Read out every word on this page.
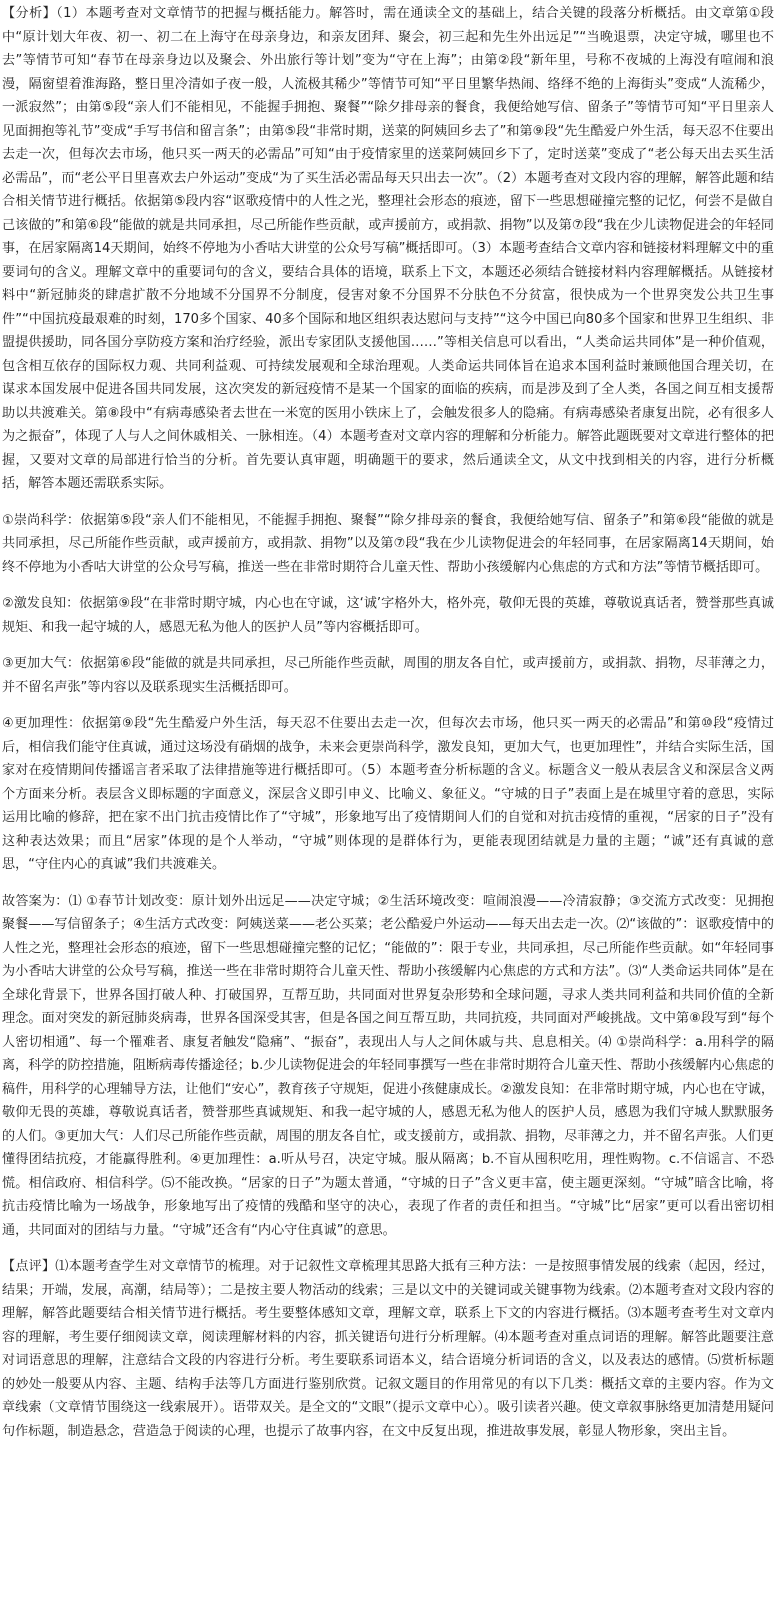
【分析】（1）本题考查对文章情节的把握与概括能力。解答时，需在通读全文的基础上，结合关键的段落分析概括。由文章第①段中“原计划大年夜、初一、初二在上海守在母亲身边，和亲友团拜、聚会，初三起和先生外出远足”“当晚退票，决定守城，哪里也不去”等情节可知“春节在母亲身边以及聚会、外出旅行等计划”变为“守在上海”；由第②段“新年里，号称不夜城的上海没有喧闹和浪漫，隔窗望着淮海路，整日里冷清如子夜一般，人流极其稀少”等情节可知“平日里繁华热闹、络绎不绝的上海街头”变成“人流稀少，一派寂然”；由第⑤段“亲人们不能相见，不能握手拥抱、聚餐”“除夕排母亲的餐食，我便给她写信、留条子”等情节可知“平日里亲人见面拥抱等礼节”变成“手写书信和留言条”；由第⑤段“非常时期，送菜的阿姨回乡去了”和第⑨段“先生酷爱户外生活，每天忍不住要出去走一次，但每次去市场，他只买一两天的必需品”可知“由于疫情家里的送菜阿姨回乡下了，定时送菜”变成了“老公每天出去买生活必需品”，而“老公平日里喜欢去户外运动”变成“为了买生活必需品每天只出去一次”。（2）本题考查对文段内容的理解，解答此题和结合相关情节进行概括。依据第⑤段内容“讴歌疫情中的人性之光，整理社会形态的痕迹，留下一些思想碰撞完整的记忆，何尝不是做自己该做的”和第⑥段“能做的就是共同承担，尽己所能作些贡献，或声援前方，或捐款、捐物”以及第⑦段“我在少儿读物促进会的年轻同事，在居家隔离14天期间，始终不停地为小香咕大讲堂的公众号写稿”概括即可。（3）本题考查结合文章内容和链接材料理解文中的重要词句的含义。理解文章中的重要词句的含义，要结合具体的语境，联系上下文，本题还必须结合链接材料内容理解概括。从链接材料中“新冠肺炎的肆虐扩散不分地域不分国界不分制度，侵害对象不分国界不分肤色不分贫富，很快成为一个世界突发公共卫生事件”“中国抗疫最艰难的时刻，170多个国家、40多个国际和地区组织表达慰问与支持”“这今中国已向80多个国家和世界卫生组织、非盟提供援助，同各国分享防疫方案和治疗经验，派出专家团队支援他国……”等相关信息可以看出，“人类命运共同体”是一种价值观，包含相互依存的国际权力观、共同利益观、可持续发展观和全球治理观。人类命运共同体旨在追求本国利益时兼顾他国合理关切，在谋求本国发展中促进各国共同发展，这次突发的新冠疫情不是某一个国家的面临的疾病，而是涉及到了全人类，各国之间互相支援帮助以共渡难关。第⑧段中“有病毒感染者去世在一米宽的医用小铁床上了，会触发很多人的隐痛。有病毒感染者康复出院，必有很多人为之振奋”，体现了人与人之间休戚相关、一脉相连。（4）本题考查对文章内容的理解和分析能力。解答此题既要对文章进行整体的把握，又要对文章的局部进行恰当的分析。首先要认真审题，明确题干的要求，然后通读全文，从文中找到相关的内容，进行分析概括，解答本题还需联系实际。

①崇尚科学：依据第⑤段“亲人们不能相见，不能握手拥抱、聚餐”“除夕排母亲的餐食，我便给她写信、留条子”和第⑥段“能做的就是共同承担，尽己所能作些贡献，或声援前方，或捐款、捐物”以及第⑦段“我在少儿读物促进会的年轻同事，在居家隔离14天期间，始终不停地为小香咕大讲堂的公众号写稿，推送一些在非常时期符合儿童天性、帮助小孩缓解内心焦虑的方式和方法”等情节概括即可。

②激发良知：依据第⑨段“在非常时期守城，内心也在守诚，这‘诚’字格外大，格外亮，敬仰无畏的英雄，尊敬说真话者，赞誉那些真诚规矩、和我一起守城的人，感恩无私为他人的医护人员”等内容概括即可。

③更加大气：依据第⑥段“能做的就是共同承担，尽己所能作些贡献，周围的朋友各自忙，或声援前方，或捐款、捐物，尽菲薄之力，并不留名声张”等内容以及联系现实生活概括即可。

④更加理性：依据第⑨段“先生酷爱户外生活，每天忍不住要出去走一次，但每次去市场，他只买一两天的必需品”和第⑩段“疫情过后，相信我们能守住真诚，通过这场没有硝烟的战争，未来会更崇尚科学，激发良知，更加大气，也更加理性”，并结合实际生活，国家对在疫情期间传播谣言者采取了法律措施等进行概括即可。（5）本题考查分析标题的含义。标题含义一般从表层含义和深层含义两个方面来分析。表层含义即标题的字面意义，深层含义即引申义、比喻义、象征义。“守城的日子”表面上是在城里守着的意思，实际运用比喻的修辞，把在家不出门抗击疫情比作了“守城”，形象地写出了疫情期间人们的自觉和对抗击疫情的重视，“居家的日子”没有这种表达效果；而且“居家”体现的是个人举动，“守城”则体现的是群体行为，更能表现团结就是力量的主题；“诚”还有真诚的意思，“守住内心的真诚”我们共渡难关。

故答案为：⑴ ①春节计划改变：原计划外出远足——决定守城；②生活环境改变：喧闹浪漫——冷清寂静；③交流方式改变：见拥抱聚餐——写信留条子；④生活方式改变：阿姨送菜——老公买菜；老公酷爱户外运动——每天出去走一次。⑵“该做的”：讴歌疫情中的人性之光，整理社会形态的痕迹，留下一些思想碰撞完整的记忆；“能做的”：限于专业，共同承担，尽己所能作些贡献。如“年轻同事为小香咕大讲堂的公众号写稿，推送一些在非常时期符合儿童天性、帮助小孩缓解内心焦虑的方式和方法”。⑶“人类命运共同体”是在全球化背景下，世界各国打破人种、打破国界，互帮互助，共同面对世界复杂形势和全球问题，寻求人类共同利益和共同价值的全新理念。面对突发的新冠肺炎病毒，世界各国深受其害，但是各国之间互帮互助，共同抗疫，共同面对严峻挑战。文中第⑧段写到“每个人密切相通”、每一个罹难者、康复者触发“隐痛”、“振奋”，表现出人与人之间休戚与共、息息相关。⑷ ①崇尚科学：a.用科学的隔离，科学的防控措施，阻断病毒传播途径；b.少儿读物促进会的年轻同事撰写一些在非常时期符合儿童天性、帮助小孩缓解内心焦虑的稿件，用科学的心理辅导方法，让他们“安心”，教育孩子守规矩，促进小孩健康成长。②激发良知：在非常时期守城，内心也在守诚，敬仰无畏的英雄，尊敬说真话者，赞誉那些真诚规矩、和我一起守城的人，感恩无私为他人的医护人员，感恩为我们守城人默默服务的人们。③更加大气：人们尽己所能作些贡献，周围的朋友各自忙，或支援前方，或捐款、捐物，尽菲薄之力，并不留名声张。人们更懂得团结抗疫，才能赢得胜利。④更加理性：a.听从号召，决定守城。服从隔离；b.不盲从囤积吃用，理性购物。c.不信谣言、不恐慌。相信政府、相信科学。⑸不能改换。“居家的日子”为题太普通，“守城的日子”含义更丰富，使主题更深刻。“守城”暗含比喻，将抗击疫情比喻为一场战争，形象地写出了疫情的残酷和坚守的决心，表现了作者的责任和担当。“守城”比“居家”更可以看出密切相通，共同面对的团结与力量。“守城”还含有“内心守住真诚”的意思。

【点评】⑴本题考查学生对文章情节的梳理。对于记叙性文章梳理其思路大抵有三种方法：一是按照事情发展的线索（起因，经过，结果；开端，发展，高潮，结局等）；二是按主要人物活动的线索；三是以文中的关键词或关键事物为线索。⑵本题考查对文段内容的理解，解答此题要结合相关情节进行概括。考生要整体感知文章，理解文章，联系上下文的内容进行概括。⑶本题考查考生对文章内容的理解，考生要仔细阅读文章，阅读理解材料的内容，抓关键语句进行分析理解。⑷本题考查对重点词语的理解。解答此题要注意对词语意思的理解，注意结合文段的内容进行分析。考生要联系词语本义，结合语境分析词语的含义，以及表达的感情。⑸赏析标题的妙处一般要从内容、主题、结构手法等几方面进行鉴别欣赏。记叙文题目的作用常见的有以下几类：概括文章的主要内容。作为文章线索（文章情节围绕这一线索展开）。语带双关。是全文的“文眼”（提示文章中心）。吸引读者兴趣。使文章叙事脉络更加清楚用疑问句作标题，制造悬念，营造急于阅读的心理，也提示了故事内容，在文中反复出现，推进故事发展，彰显人物形象，突出主旨。
